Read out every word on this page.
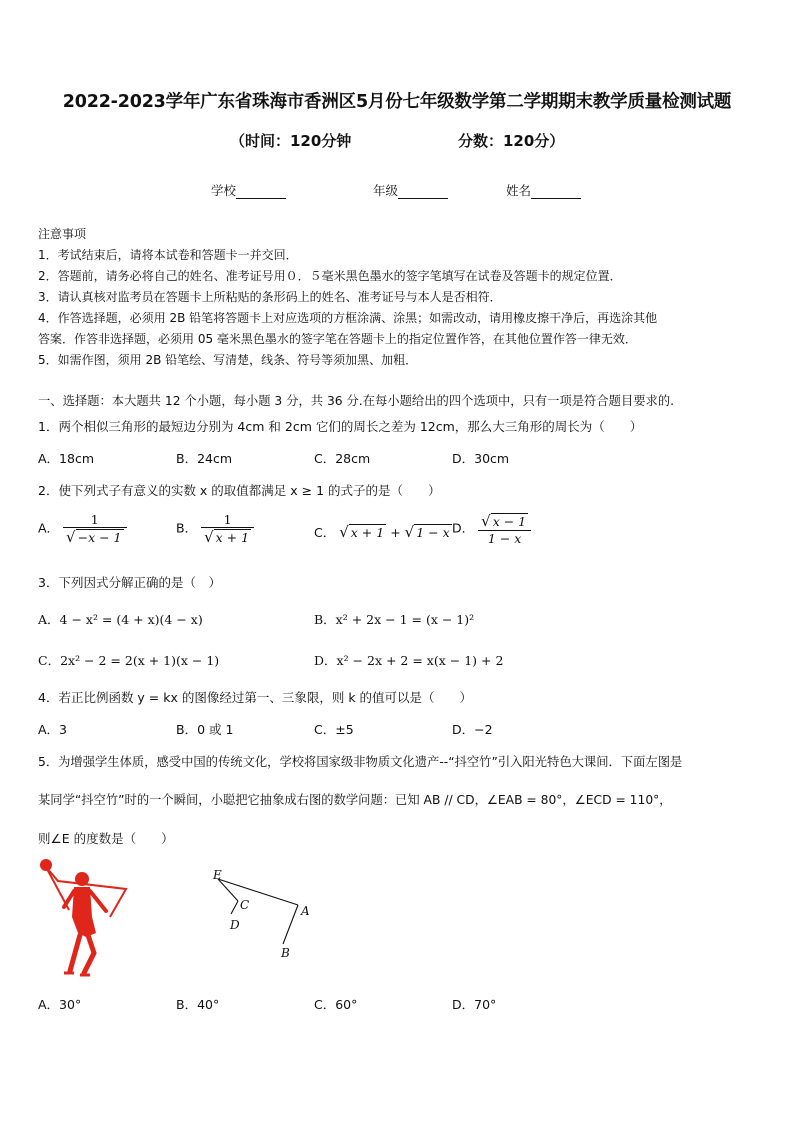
2022-2023学年广东省珠海市香洲区5月份七年级数学第二学期期末教学质量检测试题
（时间：120分钟	分数：120分）
学校	年级	姓名
注意事项
1．考试结束后，请将本试卷和答题卡一并交回．
2．答题前，请务必将自己的姓名、准考证号用０．５毫米黑色墨水的签字笔填写在试卷及答题卡的规定位置．
3．请认真核对监考员在答题卡上所粘贴的条形码上的姓名、准考证号与本人是否相符．
4．作答选择题，必须用 2B 铅笔将答题卡上对应选项的方框涂满、涂黑；如需改动，请用橡皮擦干净后，再选涂其他
答案．作答非选择题，必须用 05 毫米黑色墨水的签字笔在答题卡上的指定位置作答，在其他位置作答一律无效．
5．如需作图，须用 2B 铅笔绘、写清楚，线条、符号等须加黑、加粗．
一、选择题：本大题共 12 个小题，每小题 3 分，共 36 分.在每小题给出的四个选项中，只有一项是符合题目要求的.
1．两个相似三角形的最短边分别为 4cm 和 2cm 它们的周长之差为 12cm，那么大三角形的周长为（　　）
A．18cm	B．24cm	C．28cm	D．30cm
2．使下列式子有意义的实数 x 的取值都满足 x ≥ 1 的式子的是（　　）
A． $\frac{1}{√ -x - 1}$	B． $\frac{1}{√ x + 1}$	C． √ x + 1 + √ 1 − x D． $\frac{√ x - 1}{1 - x}$
3．下列因式分解正确的是（　）
A．4 − x² = (4 + x)(4 − x)	B．x² + 2x − 1 = (x − 1)²
C．2x² − 2 = 2(x + 1)(x − 1)	D．x² − 2x + 2 = x(x − 1) + 2
4．若正比例函数 y = kx 的图像经过第一、三象限，则 k 的值可以是（　　）
A．3	B．0 或 1	C．±5	D．−2
5．为增强学生体质，感受中国的传统文化，学校将国家级非物质文化遗产--“抖空竹”引入阳光特色大课间．下面左图是
某同学“抖空竹”时的一个瞬间，小聪把它抽象成右图的数学问题：已知 AB // CD，∠EAB = 80°，∠ECD = 110°，
则∠E 的度数是（　　）
E
C
D
A
B
A．30°	B．40°	C．60°	D．70°
